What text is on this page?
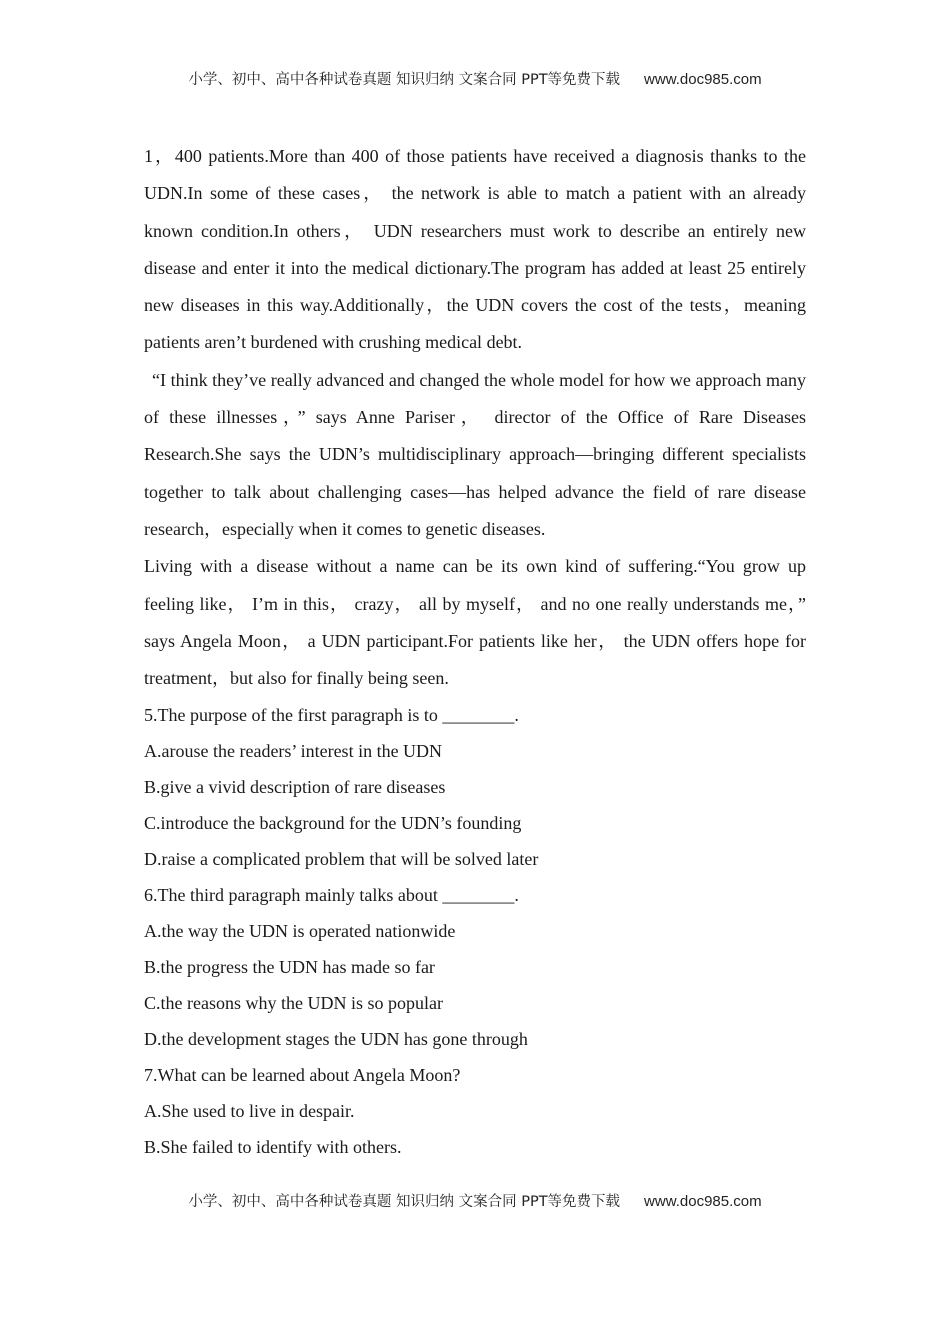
小学、初中、高中各种试卷真题 知识归纳 文案合同 PPT等免费下载 www.doc985.com

1，400 patients.More than 400 of those patients have received a diagnosis thanks to the UDN.In some of these cases， the network is able to match a patient with an already known condition.In others， UDN researchers must work to describe an entirely new disease and enter it into the medical dictionary.The program has added at least 25 entirely new diseases in this way.Additionally，the UDN covers the cost of the tests，meaning patients aren’t burdened with crushing medical debt.

“I think they’ve really advanced and changed the whole model for how we approach many of these illnesses，” says Anne Pariser， director of the Office of Rare Diseases Research.She says the UDN’s multidisciplinary approach—bringing different specialists together to talk about challenging cases—has helped advance the field of rare disease research，especially when it comes to genetic diseases.

Living with a disease without a name can be its own kind of suffering.“You grow up feeling like， I’m in this， crazy， all by myself， and no one really understands me，” says Angela Moon， a UDN participant.For patients like her， the UDN offers hope for treatment，but also for finally being seen.

5.The purpose of the first paragraph is to ________.

A.arouse the readers’ interest in the UDN

B.give a vivid description of rare diseases

C.introduce the background for the UDN’s founding

D.raise a complicated problem that will be solved later

6.The third paragraph mainly talks about ________.

A.the way the UDN is operated nationwide

B.the progress the UDN has made so far

C.the reasons why the UDN is so popular

D.the development stages the UDN has gone through

7.What can be learned about Angela Moon?

A.She used to live in despair.

B.She failed to identify with others.

小学、初中、高中各种试卷真题 知识归纳 文案合同 PPT等免费下载 www.doc985.com
